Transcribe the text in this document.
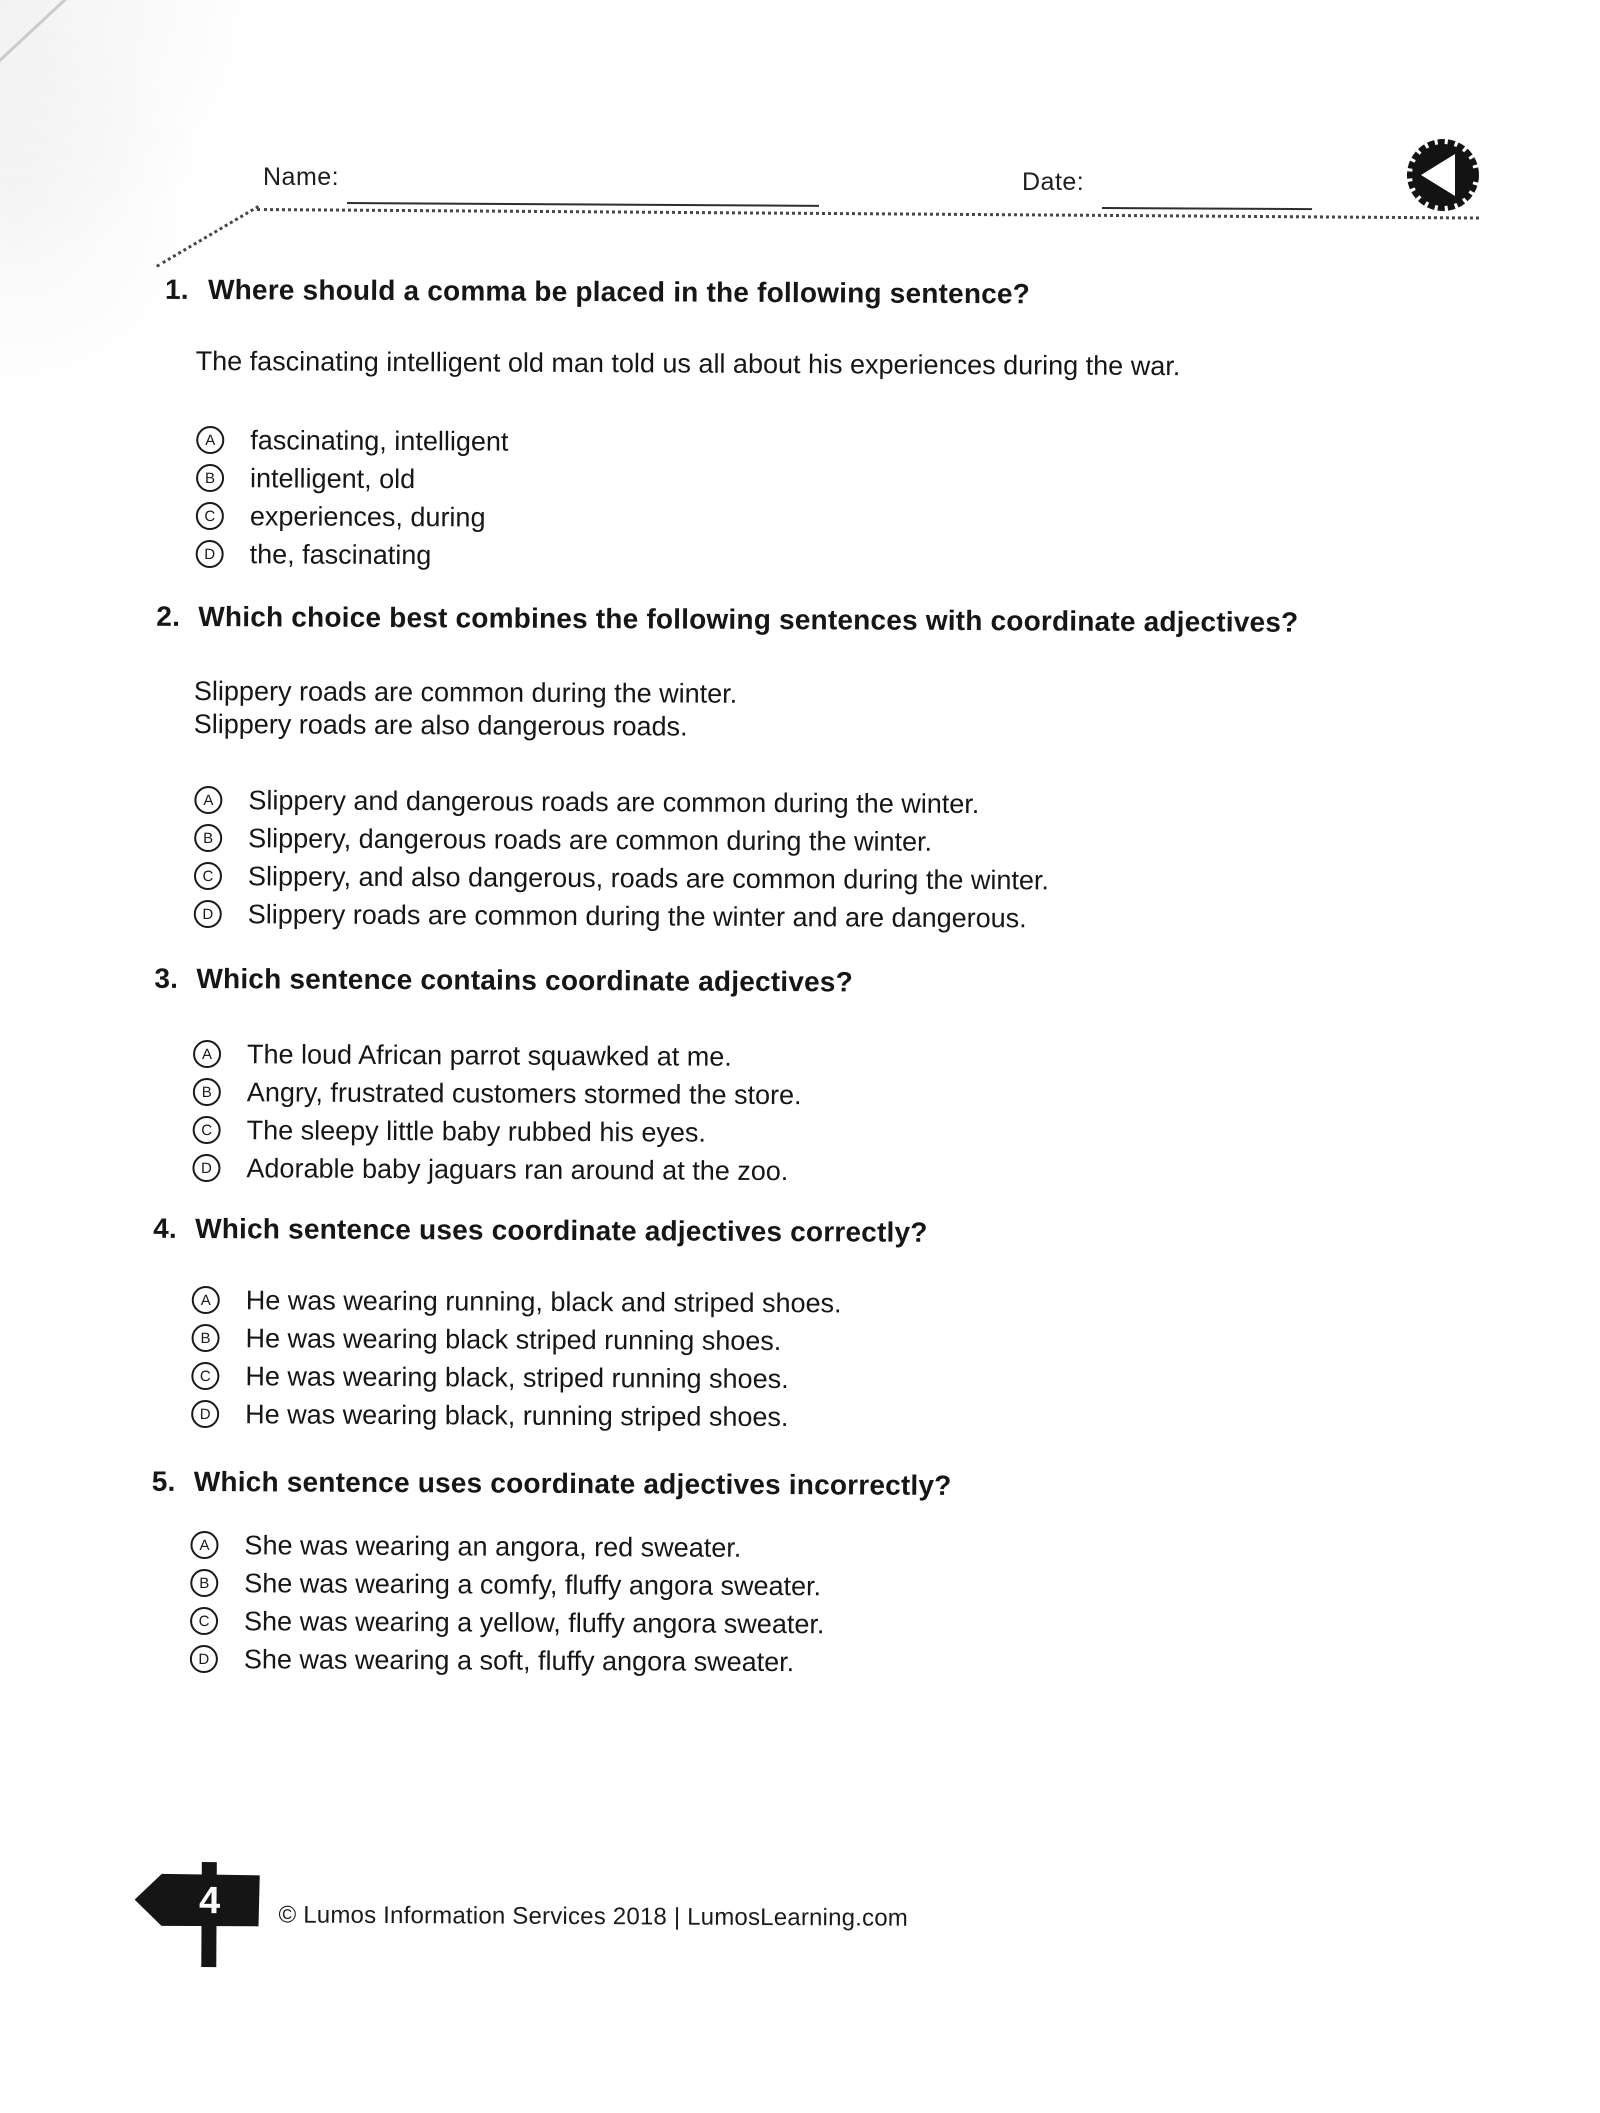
Name:	Date:
1. Where should a comma be placed in the following sentence?

The fascinating intelligent old man told us all about his experiences during the war.

A	fascinating, intelligent
B	intelligent, old
C	experiences, during
D	the, fascinating
2. Which choice best combines the following sentences with coordinate adjectives?

Slippery roads are common during the winter.

Slippery roads are also dangerous roads.

A	Slippery and dangerous roads are common during the winter.
B	Slippery, dangerous roads are common during the winter.
C	Slippery, and also dangerous, roads are common during the winter.
D	Slippery roads are common during the winter and are dangerous.
3. Which sentence contains coordinate adjectives?
A	The loud African parrot squawked at me.
B	Angry, frustrated customers stormed the store.
C	The sleepy little baby rubbed his eyes.
D	Adorable baby jaguars ran around at the zoo.
4. Which sentence uses coordinate adjectives correctly?
A	He was wearing running, black and striped shoes.
B	He was wearing black striped running shoes.
C	He was wearing black, striped running shoes.
D	He was wearing black, running striped shoes.
5. Which sentence uses coordinate adjectives incorrectly?
A	She was wearing an angora, red sweater.
B	She was wearing a comfy, fluffy angora sweater.
C	She was wearing a yellow, fluffy angora sweater.
D	She was wearing a soft, fluffy angora sweater.
4 © Lumos Information Services 2018 | LumosLearning.com
